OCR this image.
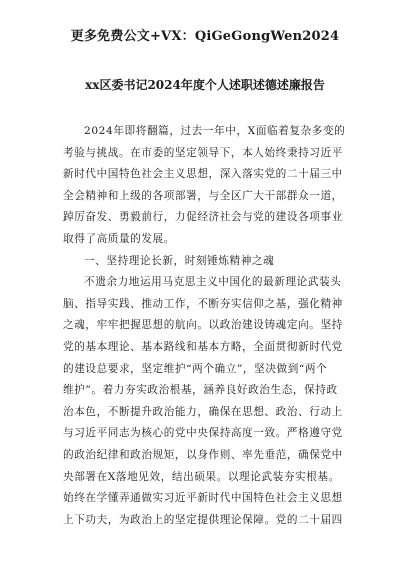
更多免费公文+VX：QiGeGongWen2024
xx区委书记2024年度个人述职述德述廉报告
2024年即将翻篇，过去一年中，X面临着复杂多变的
考验与挑战。在市委的坚定领导下，本人始终秉持习近平
新时代中国特色社会主义思想，深入落实党的二十届三中
全会精神和上级的各项部署，与全区广大干部群众一道，
踔厉奋发、勇毅前行，力促经济社会与党的建设各项事业
取得了高质量的发展。
一、坚持理论长新，时刻锤炼精神之魂
不遗余力地运用马克思主义中国化的最新理论武装头
脑、指导实践、推动工作，不断夯实信仰之基，强化精神
之魂，牢牢把握思想的航向。以政治建设铸魂定向。坚持
党的基本理论、基本路线和基本方略，全面贯彻新时代党
的建设总要求，坚定维护“两个确立”，坚决做到“两个
维护”。着力夯实政治根基，涵养良好政治生态，保持政
治本色，不断提升政治能力，确保在思想、政治、行动上
与习近平同志为核心的党中央保持高度一致。严格遵守党
的政治纪律和政治规矩，以身作则、率先垂范，确保党中
央部署在X落地见效，结出硕果。以理论武装夯实根基。
始终在学懂弄通做实习近平新时代中国特色社会主义思想
上下功夫，为政治上的坚定提供理论保障。党的二十届四
